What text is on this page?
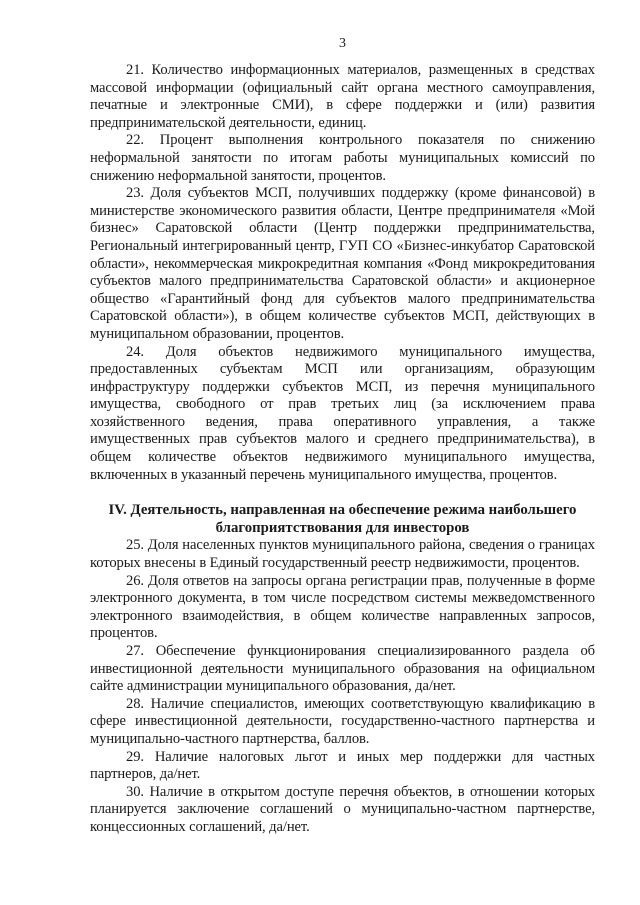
3

21. Количество информационных материалов, размещенных в средствах массовой информации (официальный сайт органа местного самоуправления, печатные и электронные СМИ), в сфере поддержки и (или) развития предпринимательской деятельности, единиц.

22. Процент выполнения контрольного показателя по снижению неформальной занятости по итогам работы муниципальных комиссий по снижению неформальной занятости, процентов.

23. Доля субъектов МСП, получивших поддержку (кроме финансовой) в министерстве экономического развития области, Центре предпринимателя «Мой бизнес» Саратовской области (Центр поддержки предпринимательства, Региональный интегрированный центр, ГУП СО «Бизнес-инкубатор Саратовской области», некоммерческая микрокредитная компания «Фонд микрокредитования субъектов малого предпринимательства Саратовской области» и акционерное общество «Гарантийный фонд для субъектов малого предпринимательства Саратовской области»), в общем количестве субъектов МСП, действующих в муниципальном образовании, процентов.

24. Доля объектов недвижимого муниципального имущества, предоставленных субъектам МСП или организациям, образующим инфраструктуру поддержки субъектов МСП, из перечня муниципального имущества, свободного от прав третьих лиц (за исключением права хозяйственного ведения, права оперативного управления, а также имущественных прав субъектов малого и среднего предпринимательства), в общем количестве объектов недвижимого муниципального имущества, включенных в указанный перечень муниципального имущества, процентов.

IV. Деятельность, направленная на обеспечение режима наибольшего благоприятствования для инвесторов

25. Доля населенных пунктов муниципального района, сведения о границах которых внесены в Единый государственный реестр недвижимости, процентов.

26. Доля ответов на запросы органа регистрации прав, полученные в форме электронного документа, в том числе посредством системы межведомственного электронного взаимодействия, в общем количестве направленных запросов, процентов.

27. Обеспечение функционирования специализированного раздела об инвестиционной деятельности муниципального образования на официальном сайте администрации муниципального образования, да/нет.

28. Наличие специалистов, имеющих соответствующую квалификацию в сфере инвестиционной деятельности, государственно-частного партнерства и муниципально-частного партнерства, баллов.

29. Наличие налоговых льгот и иных мер поддержки для частных партнеров, да/нет.

30. Наличие в открытом доступе перечня объектов, в отношении которых планируется заключение соглашений о муниципально-частном партнерстве, концессионных соглашений, да/нет.
